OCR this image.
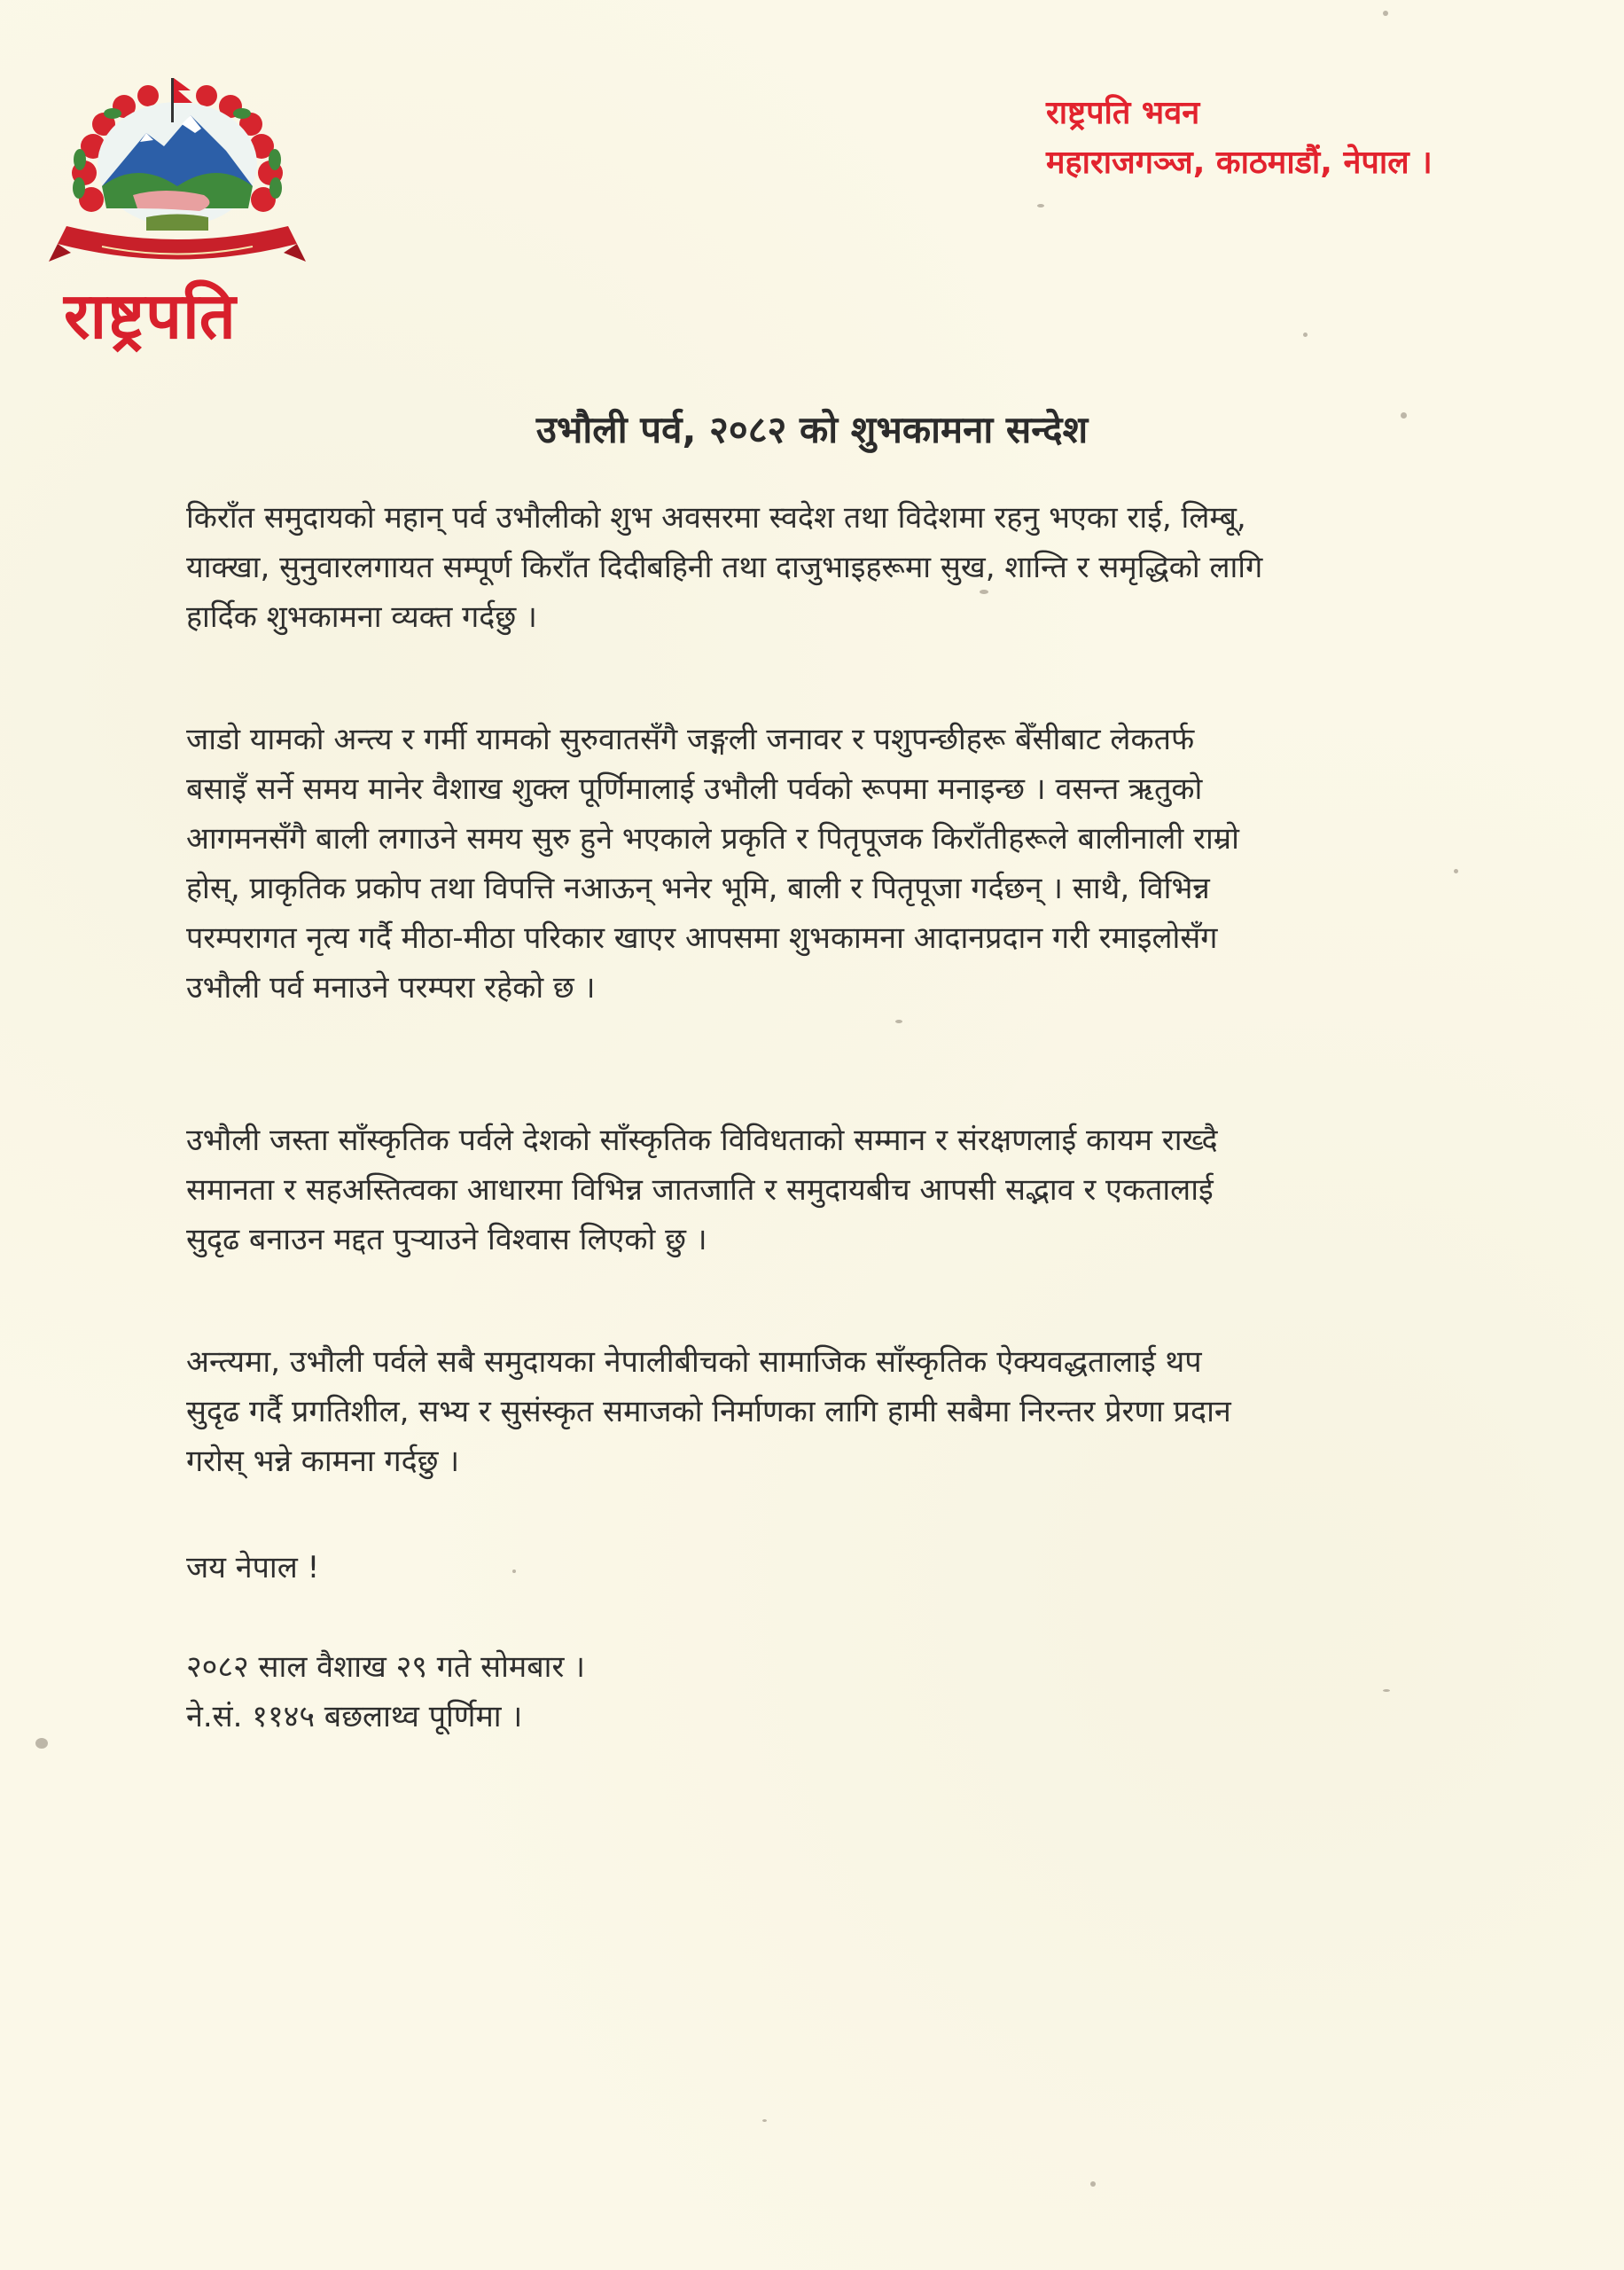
राष्ट्रपति
राष्ट्रपति भवन
महाराजगञ्ज, काठमाडौं, नेपाल ।
उभौली पर्व, २०८२ को शुभकामना सन्देश
किराँत समुदायको महान् पर्व उभौलीको शुभ अवसरमा स्वदेश तथा विदेशमा रहनु भएका राई, लिम्बू,
याक्खा, सुनुवारलगायत सम्पूर्ण किराँत दिदीबहिनी तथा दाजुभाइहरूमा सुख, शान्ति र समृद्धिको लागि
हार्दिक शुभकामना व्यक्त गर्दछु ।
जाडो यामको अन्त्य र गर्मी यामको सुरुवातसँगै जङ्गली जनावर र पशुपन्छीहरू बेँसीबाट लेकतर्फ
बसाइँ सर्ने समय मानेर वैशाख शुक्ल पूर्णिमालाई उभौली पर्वको रूपमा मनाइन्छ । वसन्त ऋतुको
आगमनसँगै बाली लगाउने समय सुरु हुने भएकाले प्रकृति र पितृपूजक किराँतीहरूले बालीनाली राम्रो
होस्, प्राकृतिक प्रकोप तथा विपत्ति नआऊन् भनेर भूमि, बाली र पितृपूजा गर्दछन् । साथै, विभिन्न
परम्परागत नृत्य गर्दै मीठा-मीठा परिकार खाएर आपसमा शुभकामना आदानप्रदान गरी रमाइलोसँग
उभौली पर्व मनाउने परम्परा रहेको छ ।
उभौली जस्ता साँस्कृतिक पर्वले देशको साँस्कृतिक विविधताको सम्मान र संरक्षणलाई कायम राख्दै
समानता र सहअस्तित्वका आधारमा विभिन्न जातजाति र समुदायबीच आपसी सद्भाव र एकतालाई
सुदृढ बनाउन मद्दत पुर्‍याउने विश्वास लिएको छु ।
अन्त्यमा, उभौली पर्वले सबै समुदायका नेपालीबीचको सामाजिक साँस्कृतिक ऐक्यवद्धतालाई थप
सुदृढ गर्दै प्रगतिशील, सभ्य र सुसंस्कृत समाजको निर्माणका लागि हामी सबैमा निरन्तर प्रेरणा प्रदान
गरोस् भन्ने कामना गर्दछु ।
जय नेपाल !
२०८२ साल वैशाख २९ गते सोमबार ।
ने.सं. ११४५ बछलाथ्व पूर्णिमा ।
